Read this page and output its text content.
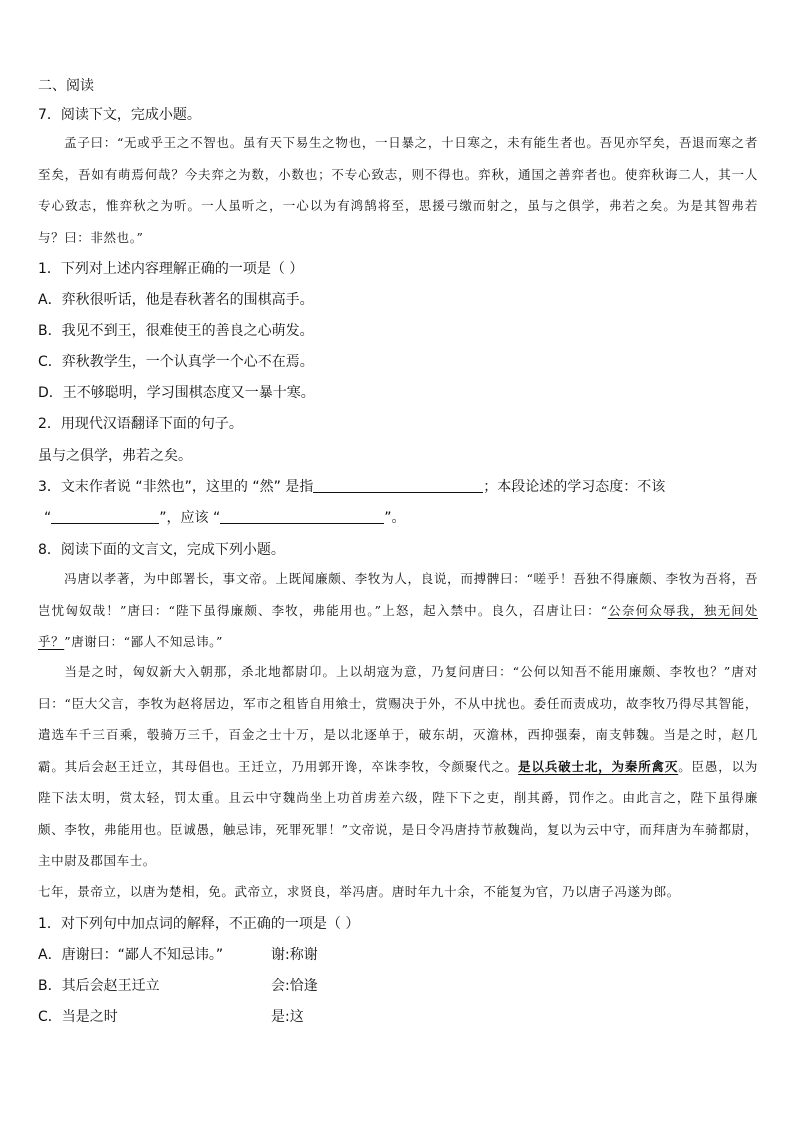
二、阅读
7．阅读下文，完成小题。
孟子曰：“无或乎王之不智也。虽有天下易生之物也，一日暴之，十日寒之，未有能生者也。吾见亦罕矣，吾退而寒之者至矣，吾如有萌焉何哉？今夫弈之为数，小数也；不专心致志，则不得也。弈秋，通国之善弈者也。使弈秋诲二人，其一人专心致志，惟弈秋之为听。一人虽听之，一心以为有鸿鹄将至，思援弓缴而射之，虽与之俱学，弗若之矣。为是其智弗若与？曰：非然也。”
1．下列对上述内容理解正确的一项是（ ）
A．弈秋很听话，他是春秋著名的围棋高手。
B．我见不到王，很难使王的善良之心萌发。
C．弈秋教学生，一个认真学一个心不在焉。
D．王不够聪明，学习围棋态度又一暴十寒。
2．用现代汉语翻译下面的句子。
虽与之俱学，弗若之矣。
3．文末作者说 “非然也”，这里的 “然” 是指	；本段论述的学习态度：不该
“	”，应该 “	”。
8．阅读下面的文言文，完成下列小题。
冯唐以孝著，为中郎署长，事文帝。上既闻廉颇、李牧为人，良说，而搏髀曰：“嗟乎！吾独不得廉颇、李牧为吾将，吾岂忧匈奴哉！”唐曰：“陛下虽得廉颇、李牧，弗能用也。”上怒，起入禁中。良久，召唐让曰：“公奈何众辱我，独无间处乎？”唐谢曰：“鄙人不知忌讳。”
当是之时，匈奴新大入朝那，杀北地都尉卬。上以胡寇为意，乃复问唐曰：“公何以知吾不能用廉颇、李牧也？”唐对曰：“臣大父言，李牧为赵将居边，军市之租皆自用飨士，赏赐决于外，不从中扰也。委任而责成功，故李牧乃得尽其智能，遣选车千三百乘，彀骑万三千，百金之士十万，是以北逐单于，破东胡，灭澹林，西抑强秦，南支韩魏。当是之时，赵几霸。其后会赵王迁立，其母倡也。王迁立，乃用郭开谗，卒诛李牧，令颜聚代之。是以兵破士北，为秦所禽灭。臣愚，以为陛下法太明，赏太轻，罚太重。且云中守魏尚坐上功首虏差六级，陛下下之吏，削其爵，罚作之。由此言之，陛下虽得廉颇、李牧，弗能用也。臣诚愚，触忌讳，死罪死罪！”文帝说，是日令冯唐持节赦魏尚，复以为云中守，而拜唐为车骑都尉，主中尉及郡国车士。
七年，景帝立，以唐为楚相，免。武帝立，求贤良，举冯唐。唐时年九十余，不能复为官，乃以唐子冯遂为郎。
1．对下列句中加点词的解释，不正确的一项是（ ）
A．唐谢曰：“鄙人不知忌讳。”	谢:称谢
B．其后会赵王迁立	会:恰逢
C．当是之时	是:这
